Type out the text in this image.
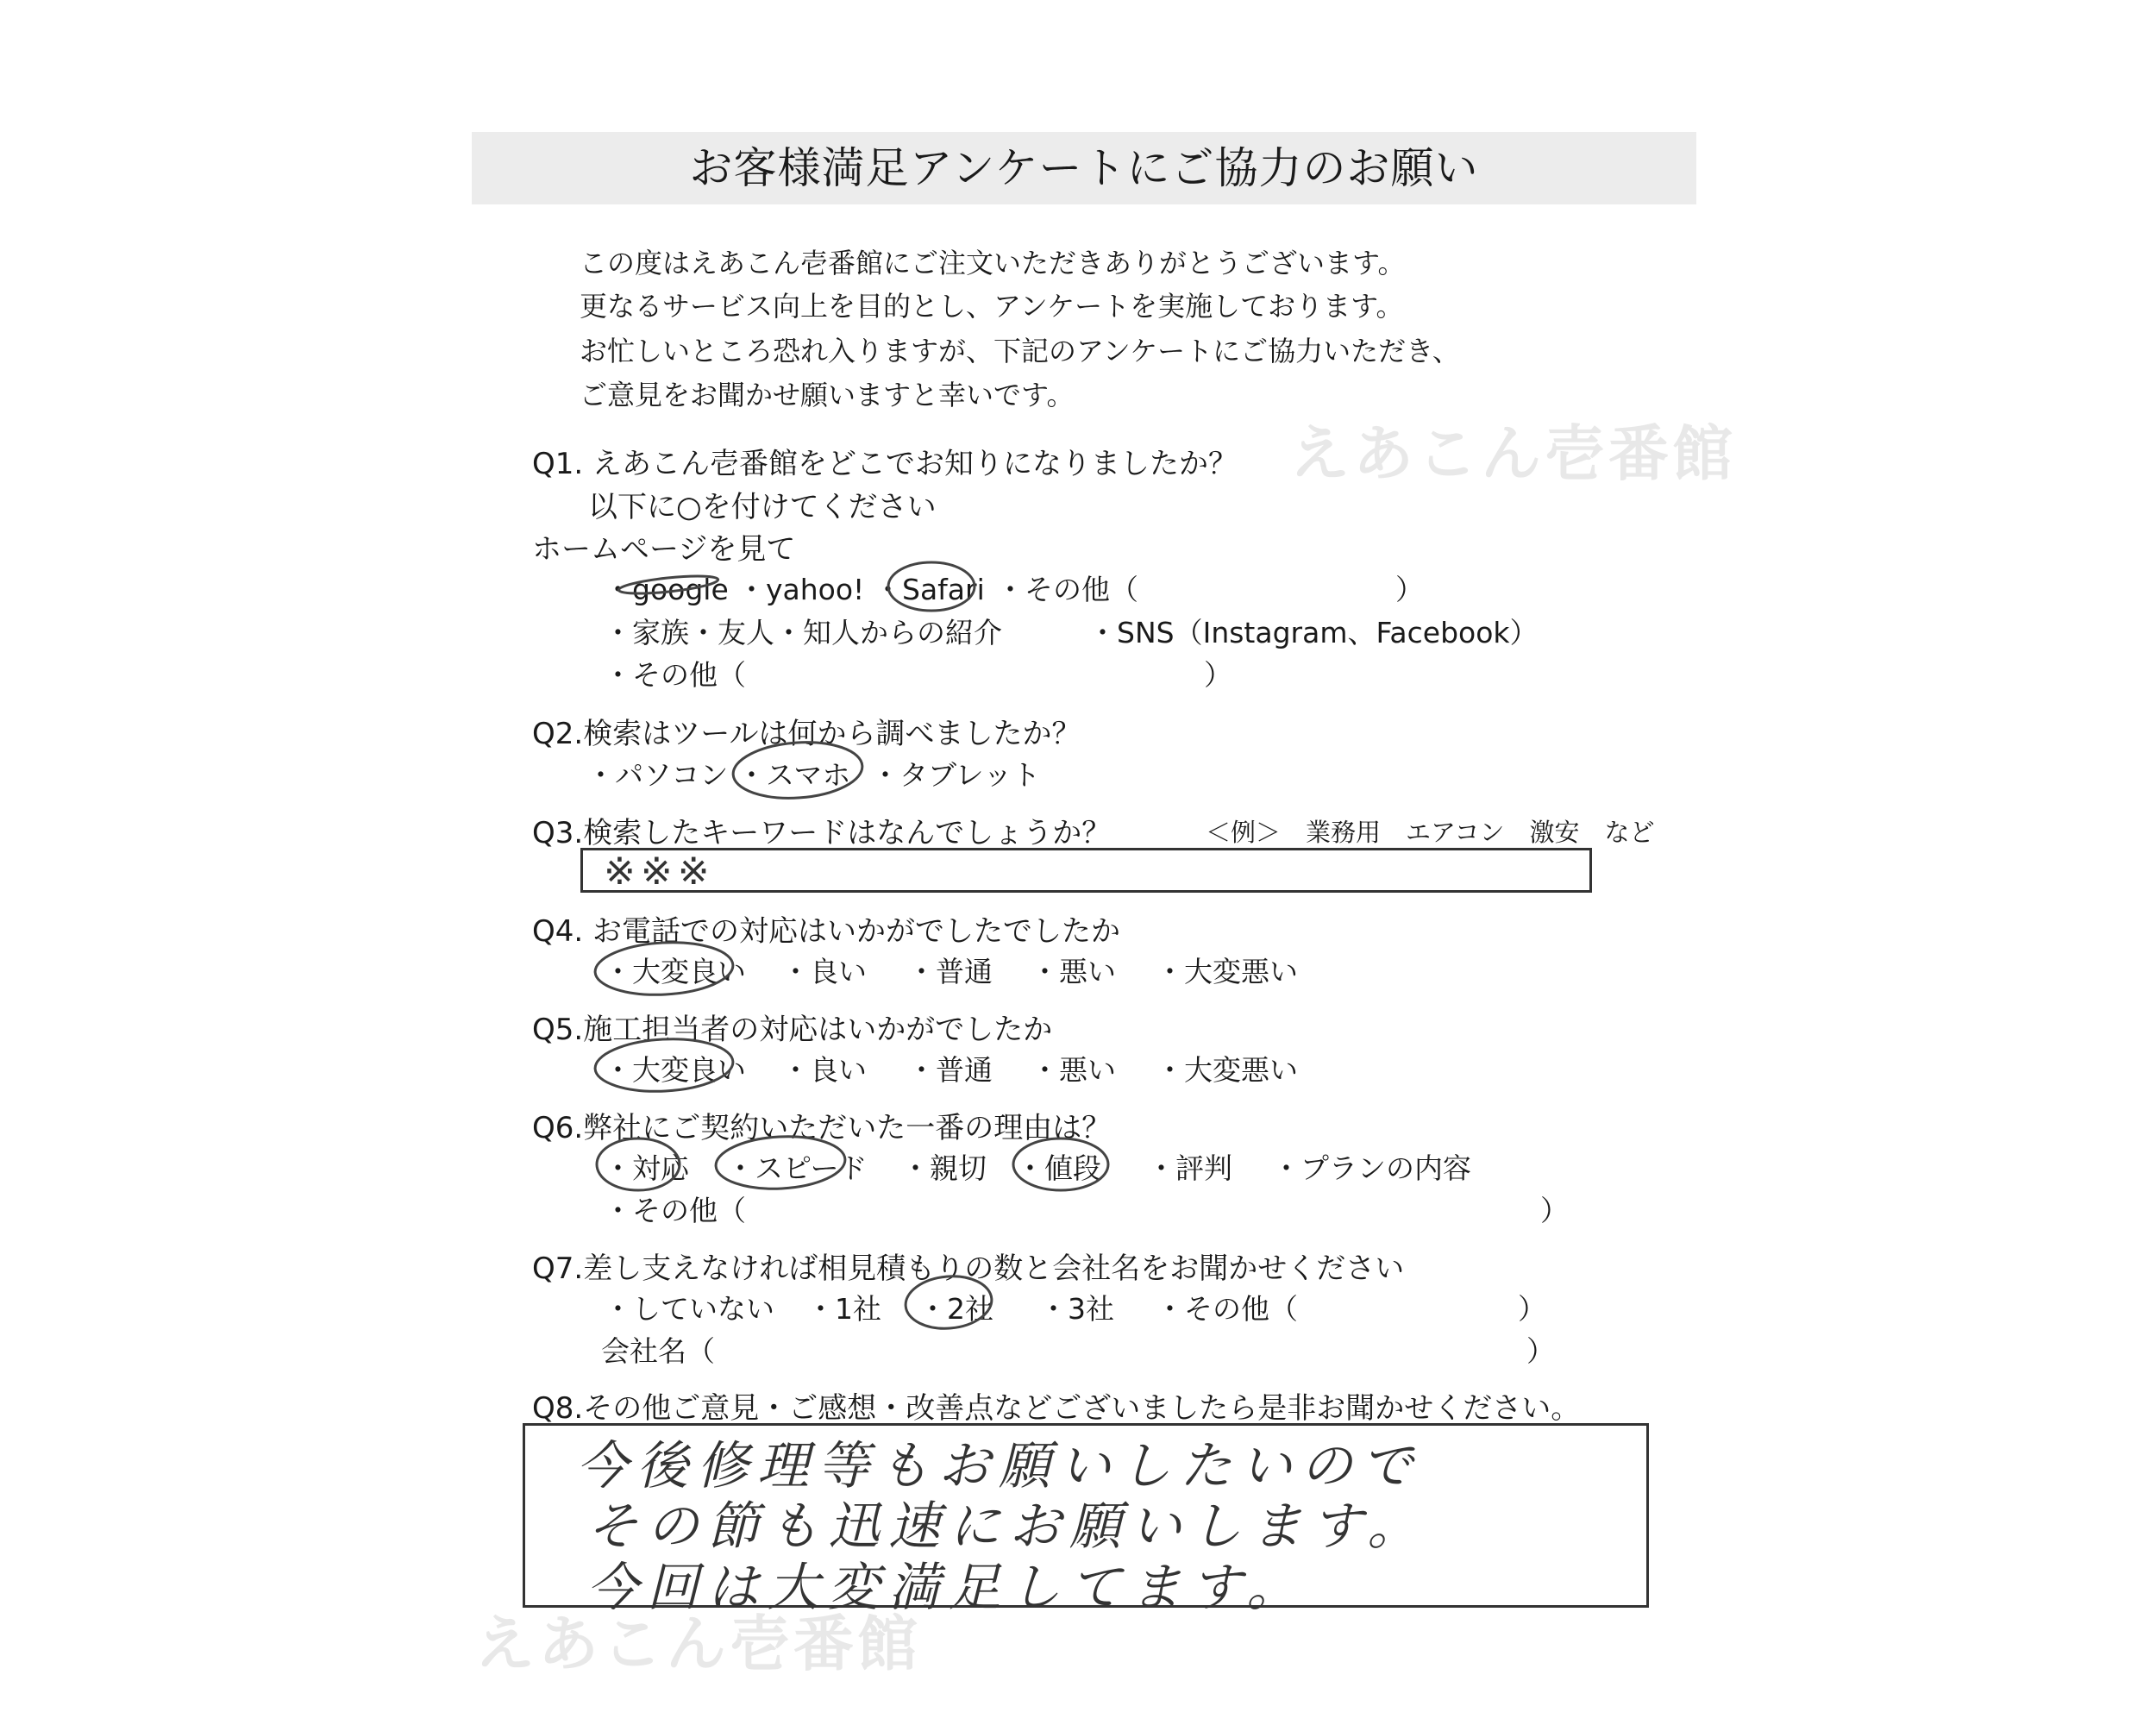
お客様満足アンケートにご協力のお願い
えあこん壱番館
えあこん壱番館
この度はえあこん壱番館にご注文いただきありがとうございます。
更なるサービス向上を目的とし、アンケートを実施しております。
お忙しいところ恐れ入りますが、下記のアンケートにご協力いただき、
ご意見をお聞かせ願いますと幸いです。
Q1. えあこん壱番館をどこでお知りになりましたか？
以下に○を付けてください
ホームページを見て
・google ・yahoo! ・Safari ・その他（	）
・家族・友人・知人からの紹介	・SNS（Instagram、Facebook）
・その他（	）
Q2.検索はツールは何から調べましたか？
・パソコン ・スマホ ・タブレット
Q3.検索したキーワードはなんでしょうか？	＜例＞　業務用　エアコン　激安　など
※※※
Q4. お電話での対応はいかがでしたでしたか
・大変良い ・良い ・普通 ・悪い ・大変悪い
Q5.施工担当者の対応はいかがでしたか
・大変良い ・良い ・普通 ・悪い ・大変悪い
Q6.弊社にご契約いただいた一番の理由は？
・対応 ・スピード ・親切 ・値段 ・評判 ・プランの内容
・その他（	）
Q7.差し支えなければ相見積もりの数と会社名をお聞かせください
・していない ・1社 ・2社 ・3社 ・その他（	）
会社名（	）
Q8.その他ご意見・ご感想・改善点などございましたら是非お聞かせください。
今後修理等もお願いしたいので
その節も迅速にお願いします。
今回は大変満足してます。
